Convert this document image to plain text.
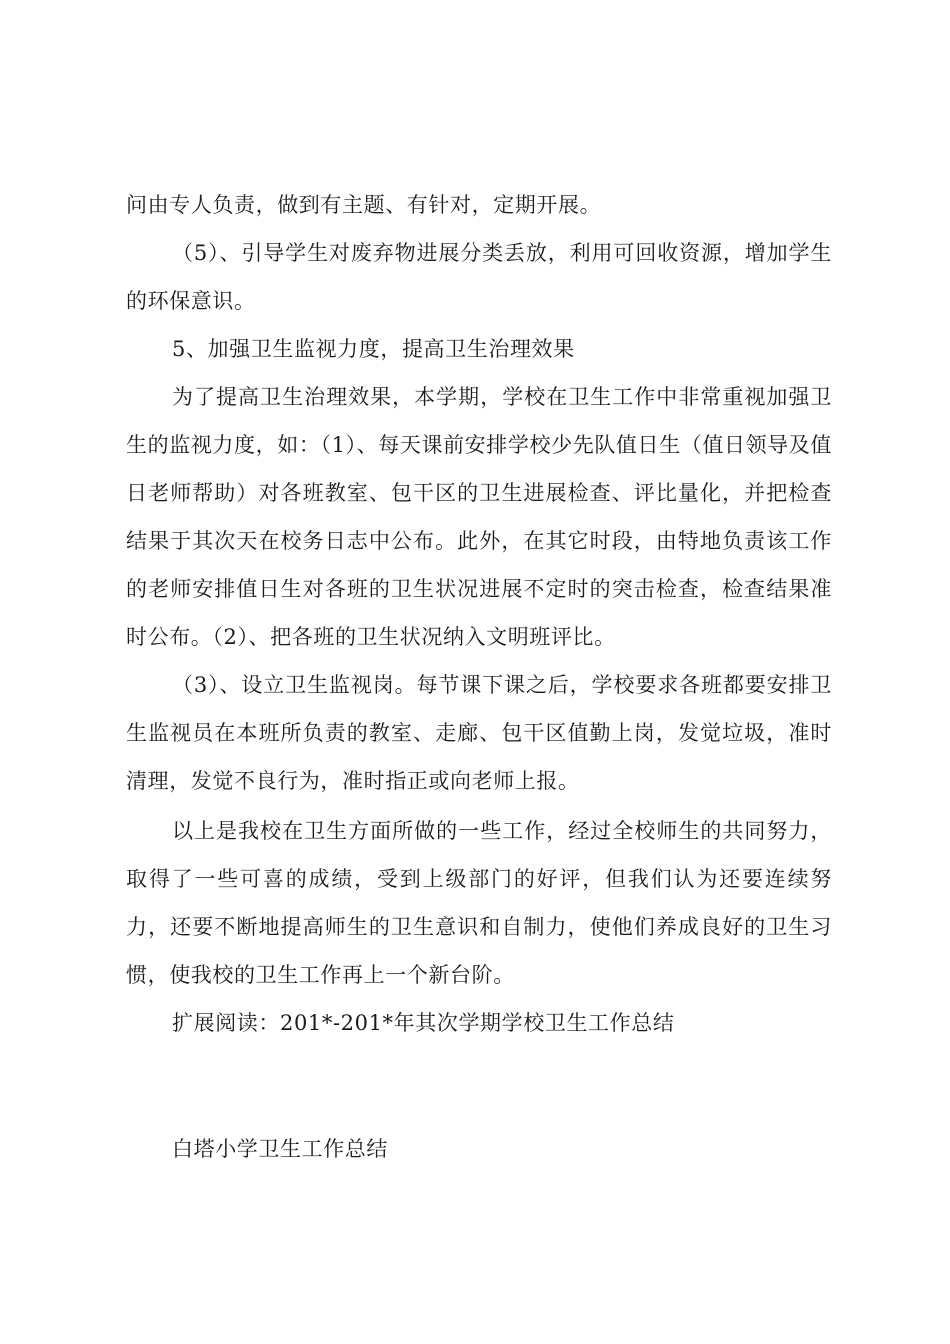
问由专人负责，做到有主题、有针对，定期开展。

（5）、引导学生对废弃物进展分类丢放，利用可回收资源，增加学生的环保意识。

5、加强卫生监视力度，提高卫生治理效果

为了提高卫生治理效果，本学期，学校在卫生工作中非常重视加强卫生的监视力度，如：（1）、每天课前安排学校少先队值日生（值日领导及值日老师帮助）对各班教室、包干区的卫生进展检查、评比量化，并把检查结果于其次天在校务日志中公布。此外，在其它时段，由特地负责该工作的老师安排值日生对各班的卫生状况进展不定时的突击检查，检查结果准时公布。（2）、把各班的卫生状况纳入文明班评比。

（3）、设立卫生监视岗。每节课下课之后，学校要求各班都要安排卫生监视员在本班所负责的教室、走廊、包干区值勤上岗，发觉垃圾，准时清理，发觉不良行为，准时指正或向老师上报。

以上是我校在卫生方面所做的一些工作，经过全校师生的共同努力，取得了一些可喜的成绩，受到上级部门的好评，但我们认为还要连续努力，还要不断地提高师生的卫生意识和自制力，使他们养成良好的卫生习惯，使我校的卫生工作再上一个新台阶。

扩展阅读：201*-201*年其次学期学校卫生工作总结

白塔小学卫生工作总结
